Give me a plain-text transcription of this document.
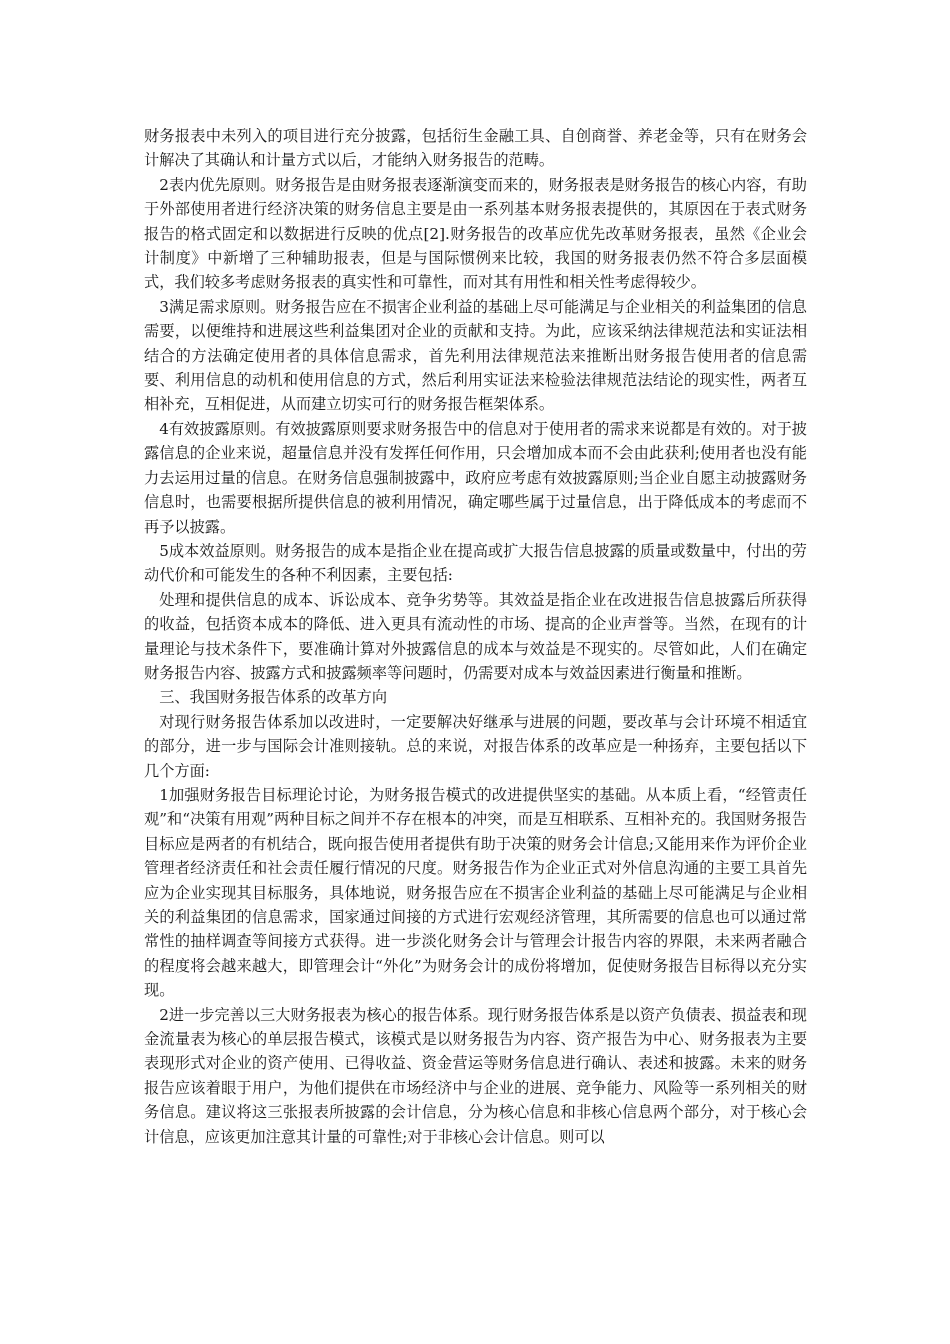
财务报表中未列入的项目进行充分披露，包括衍生金融工具、自创商誉、养老金等，只有在财务会计解决了其确认和计量方式以后，才能纳入财务报告的范畴。

2表内优先原则。财务报告是由财务报表逐渐演变而来的，财务报表是财务报告的核心内容，有助于外部使用者进行经济决策的财务信息主要是由一系列基本财务报表提供的，其原因在于表式财务报告的格式固定和以数据进行反映的优点[2].财务报告的改革应优先改革财务报表，虽然《企业会计制度》中新增了三种辅助报表，但是与国际惯例来比较，我国的财务报表仍然不符合多层面模式，我们较多考虑财务报表的真实性和可靠性，而对其有用性和相关性考虑得较少。

3满足需求原则。财务报告应在不损害企业利益的基础上尽可能满足与企业相关的利益集团的信息需要，以便维持和进展这些利益集团对企业的贡献和支持。为此，应该采纳法律规范法和实证法相结合的方法确定使用者的具体信息需求，首先利用法律规范法来推断出财务报告使用者的信息需要、利用信息的动机和使用信息的方式，然后利用实证法来检验法律规范法结论的现实性，两者互相补充，互相促进，从而建立切实可行的财务报告框架体系。

4有效披露原则。有效披露原则要求财务报告中的信息对于使用者的需求来说都是有效的。对于披露信息的企业来说，超量信息并没有发挥任何作用，只会增加成本而不会由此获利;使用者也没有能力去运用过量的信息。在财务信息强制披露中，政府应考虑有效披露原则;当企业自愿主动披露财务信息时，也需要根据所提供信息的被利用情况，确定哪些属于过量信息，出于降低成本的考虑而不再予以披露。

5成本效益原则。财务报告的成本是指企业在提高或扩大报告信息披露的质量或数量中，付出的劳动代价和可能发生的各种不利因素，主要包括:

处理和提供信息的成本、诉讼成本、竞争劣势等。其效益是指企业在改进报告信息披露后所获得的收益，包括资本成本的降低、进入更具有流动性的市场、提高的企业声誉等。当然，在现有的计量理论与技术条件下，要准确计算对外披露信息的成本与效益是不现实的。尽管如此，人们在确定财务报告内容、披露方式和披露频率等问题时，仍需要对成本与效益因素进行衡量和推断。

三、我国财务报告体系的改革方向

对现行财务报告体系加以改进时，一定要解决好继承与进展的问题，要改革与会计环境不相适宜的部分，进一步与国际会计准则接轨。总的来说，对报告体系的改革应是一种扬弃，主要包括以下几个方面:

1加强财务报告目标理论讨论，为财务报告模式的改进提供坚实的基础。从本质上看，“经管责任观”和“决策有用观”两种目标之间并不存在根本的冲突，而是互相联系、互相补充的。我国财务报告目标应是两者的有机结合，既向报告使用者提供有助于决策的财务会计信息;又能用来作为评价企业管理者经济责任和社会责任履行情况的尺度。财务报告作为企业正式对外信息沟通的主要工具首先应为企业实现其目标服务，具体地说，财务报告应在不损害企业利益的基础上尽可能满足与企业相关的利益集团的信息需求，国家通过间接的方式进行宏观经济管理，其所需要的信息也可以通过常常性的抽样调查等间接方式获得。进一步淡化财务会计与管理会计报告内容的界限，未来两者融合的程度将会越来越大，即管理会计“外化”为财务会计的成份将增加，促使财务报告目标得以充分实现。

2进一步完善以三大财务报表为核心的报告体系。现行财务报告体系是以资产负债表、损益表和现金流量表为核心的单层报告模式，该模式是以财务报告为内容、资产报告为中心、财务报表为主要表现形式对企业的资产使用、已得收益、资金营运等财务信息进行确认、表述和披露。未来的财务报告应该着眼于用户，为他们提供在市场经济中与企业的进展、竞争能力、风险等一系列相关的财务信息。建议将这三张报表所披露的会计信息，分为核心信息和非核心信息两个部分，对于核心会计信息，应该更加注意其计量的可靠性;对于非核心会计信息。则可以
